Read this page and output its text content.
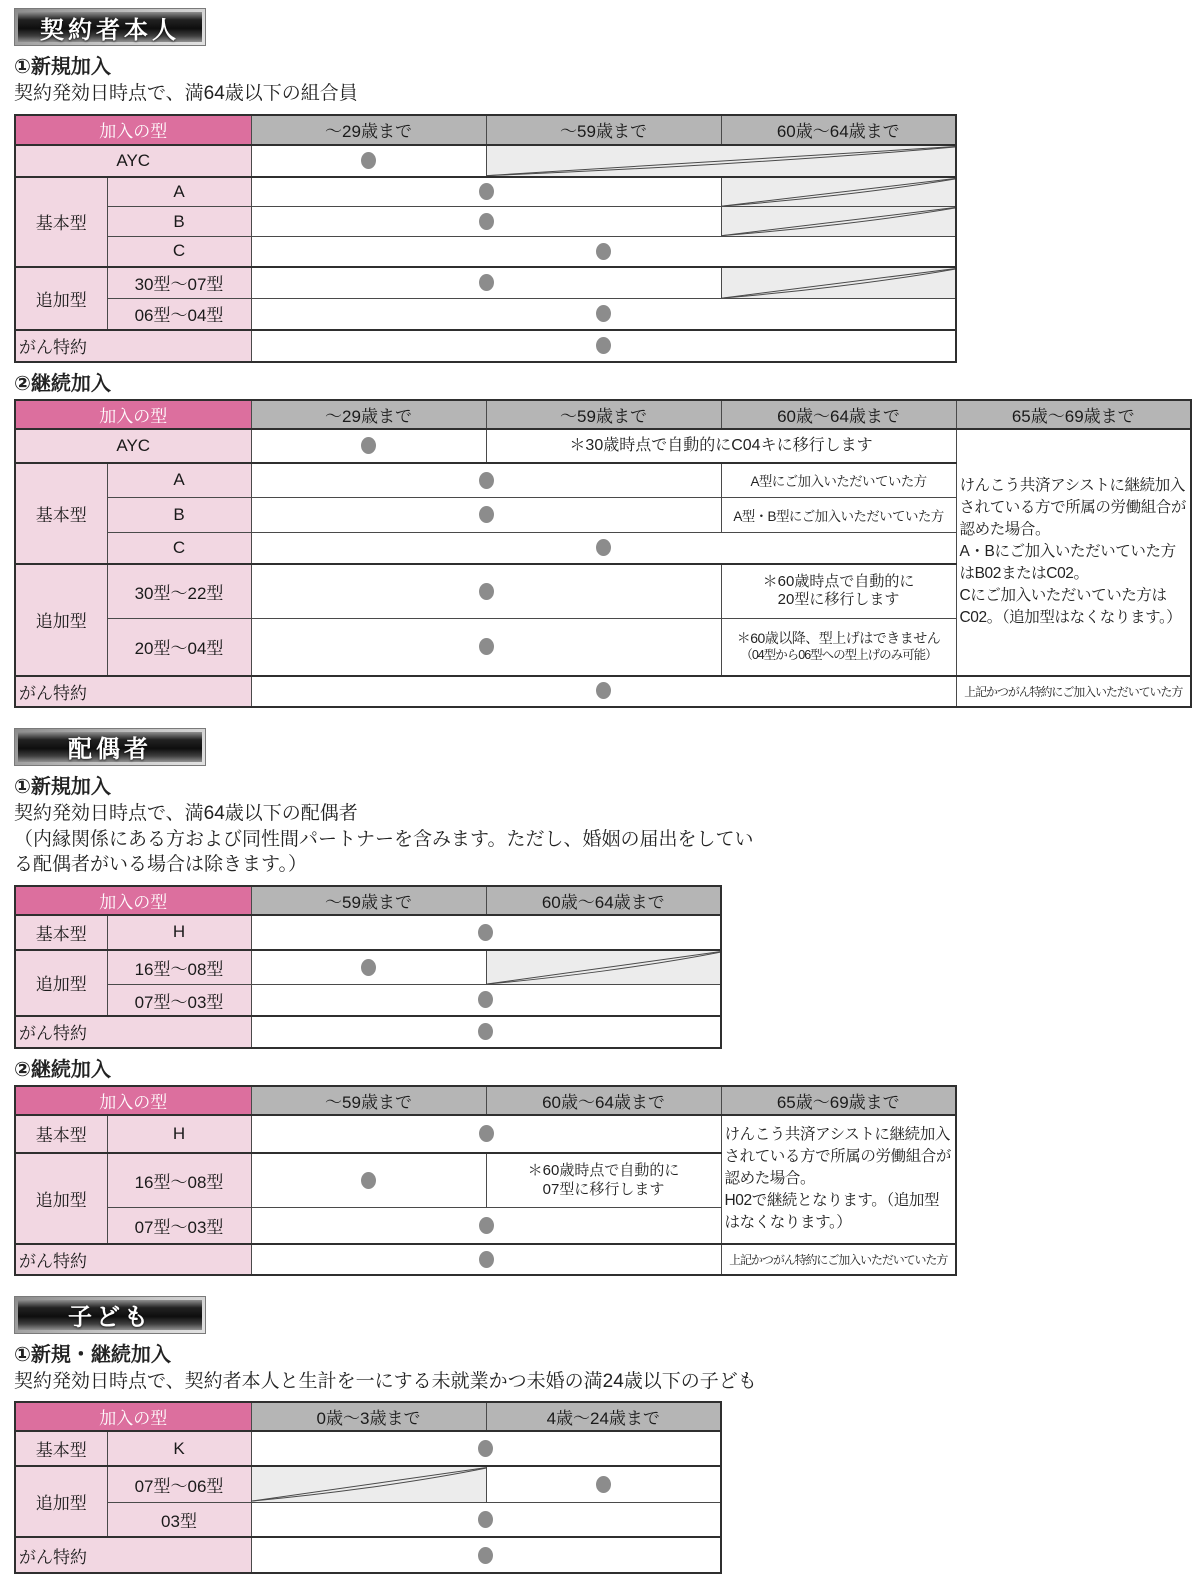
契約者本人
①新規加入
契約発効日時点で、満64歳以下の組合員
加入の型		～29歳まで	～59歳まで	60歳～64歳まで
AYC		

基本型	A		

	B		

	C			
追加型	30型～07型		

	06型～04型			
がん特約				
②継続加入
加入の型		～29歳まで	～59歳まで	60歳～64歳まで	65歳～69歳まで
AYC			＊30歳時点で自動的にC04キに移行します		けんこう共済アシストに継続加入されている方で所属の労働組合が認めた場合。
A・Bにご加入いただいていた方はB02またはC02。
Cにご加入いただいていた方はC02。（追加型はなくなります。）

基本型	A			A型にご加入いただいていた方	
	B			A型・B型にご加入いただいていた方	
	C				
追加型	30型～22型			＊60歳時点で自動的に
20型に移行します	

	20型～04型			＊60歳以降、型上げはできません
（04型から06型への型上げのみ可能）	

がん特約					上記かつがん特約にご加入いただいていた方
配偶者
①新規加入
契約発効日時点で、満64歳以下の配偶者
（内縁関係にある方および同性間パートナーを含みます。ただし、婚姻の届出をしている配偶者がいる場合は除きます。）
加入の型		～59歳まで	60歳～64歳まで
基本型	H		
追加型	16型～08型		

	07型～03型		
がん特約			
②継続加入
加入の型		～59歳まで	60歳～64歳まで	65歳～69歳まで
基本型	H			けんこう共済アシストに継続加入されている方で所属の労働組合が認めた場合。
H02で継続となります。（追加型はなくなります。）

追加型	16型～08型		＊60歳時点で自動的に
07型に移行します	

	07型～03型			
がん特約				上記かつがん特約にご加入いただいていた方
子ども
①新規・継続加入
契約発効日時点で、契約者本人と生計を一にする未就業かつ未婚の満24歳以下の子ども
加入の型		0歳～3歳まで	4歳～24歳まで
基本型	K		
追加型	07型～06型	

	03型		
がん特約			
